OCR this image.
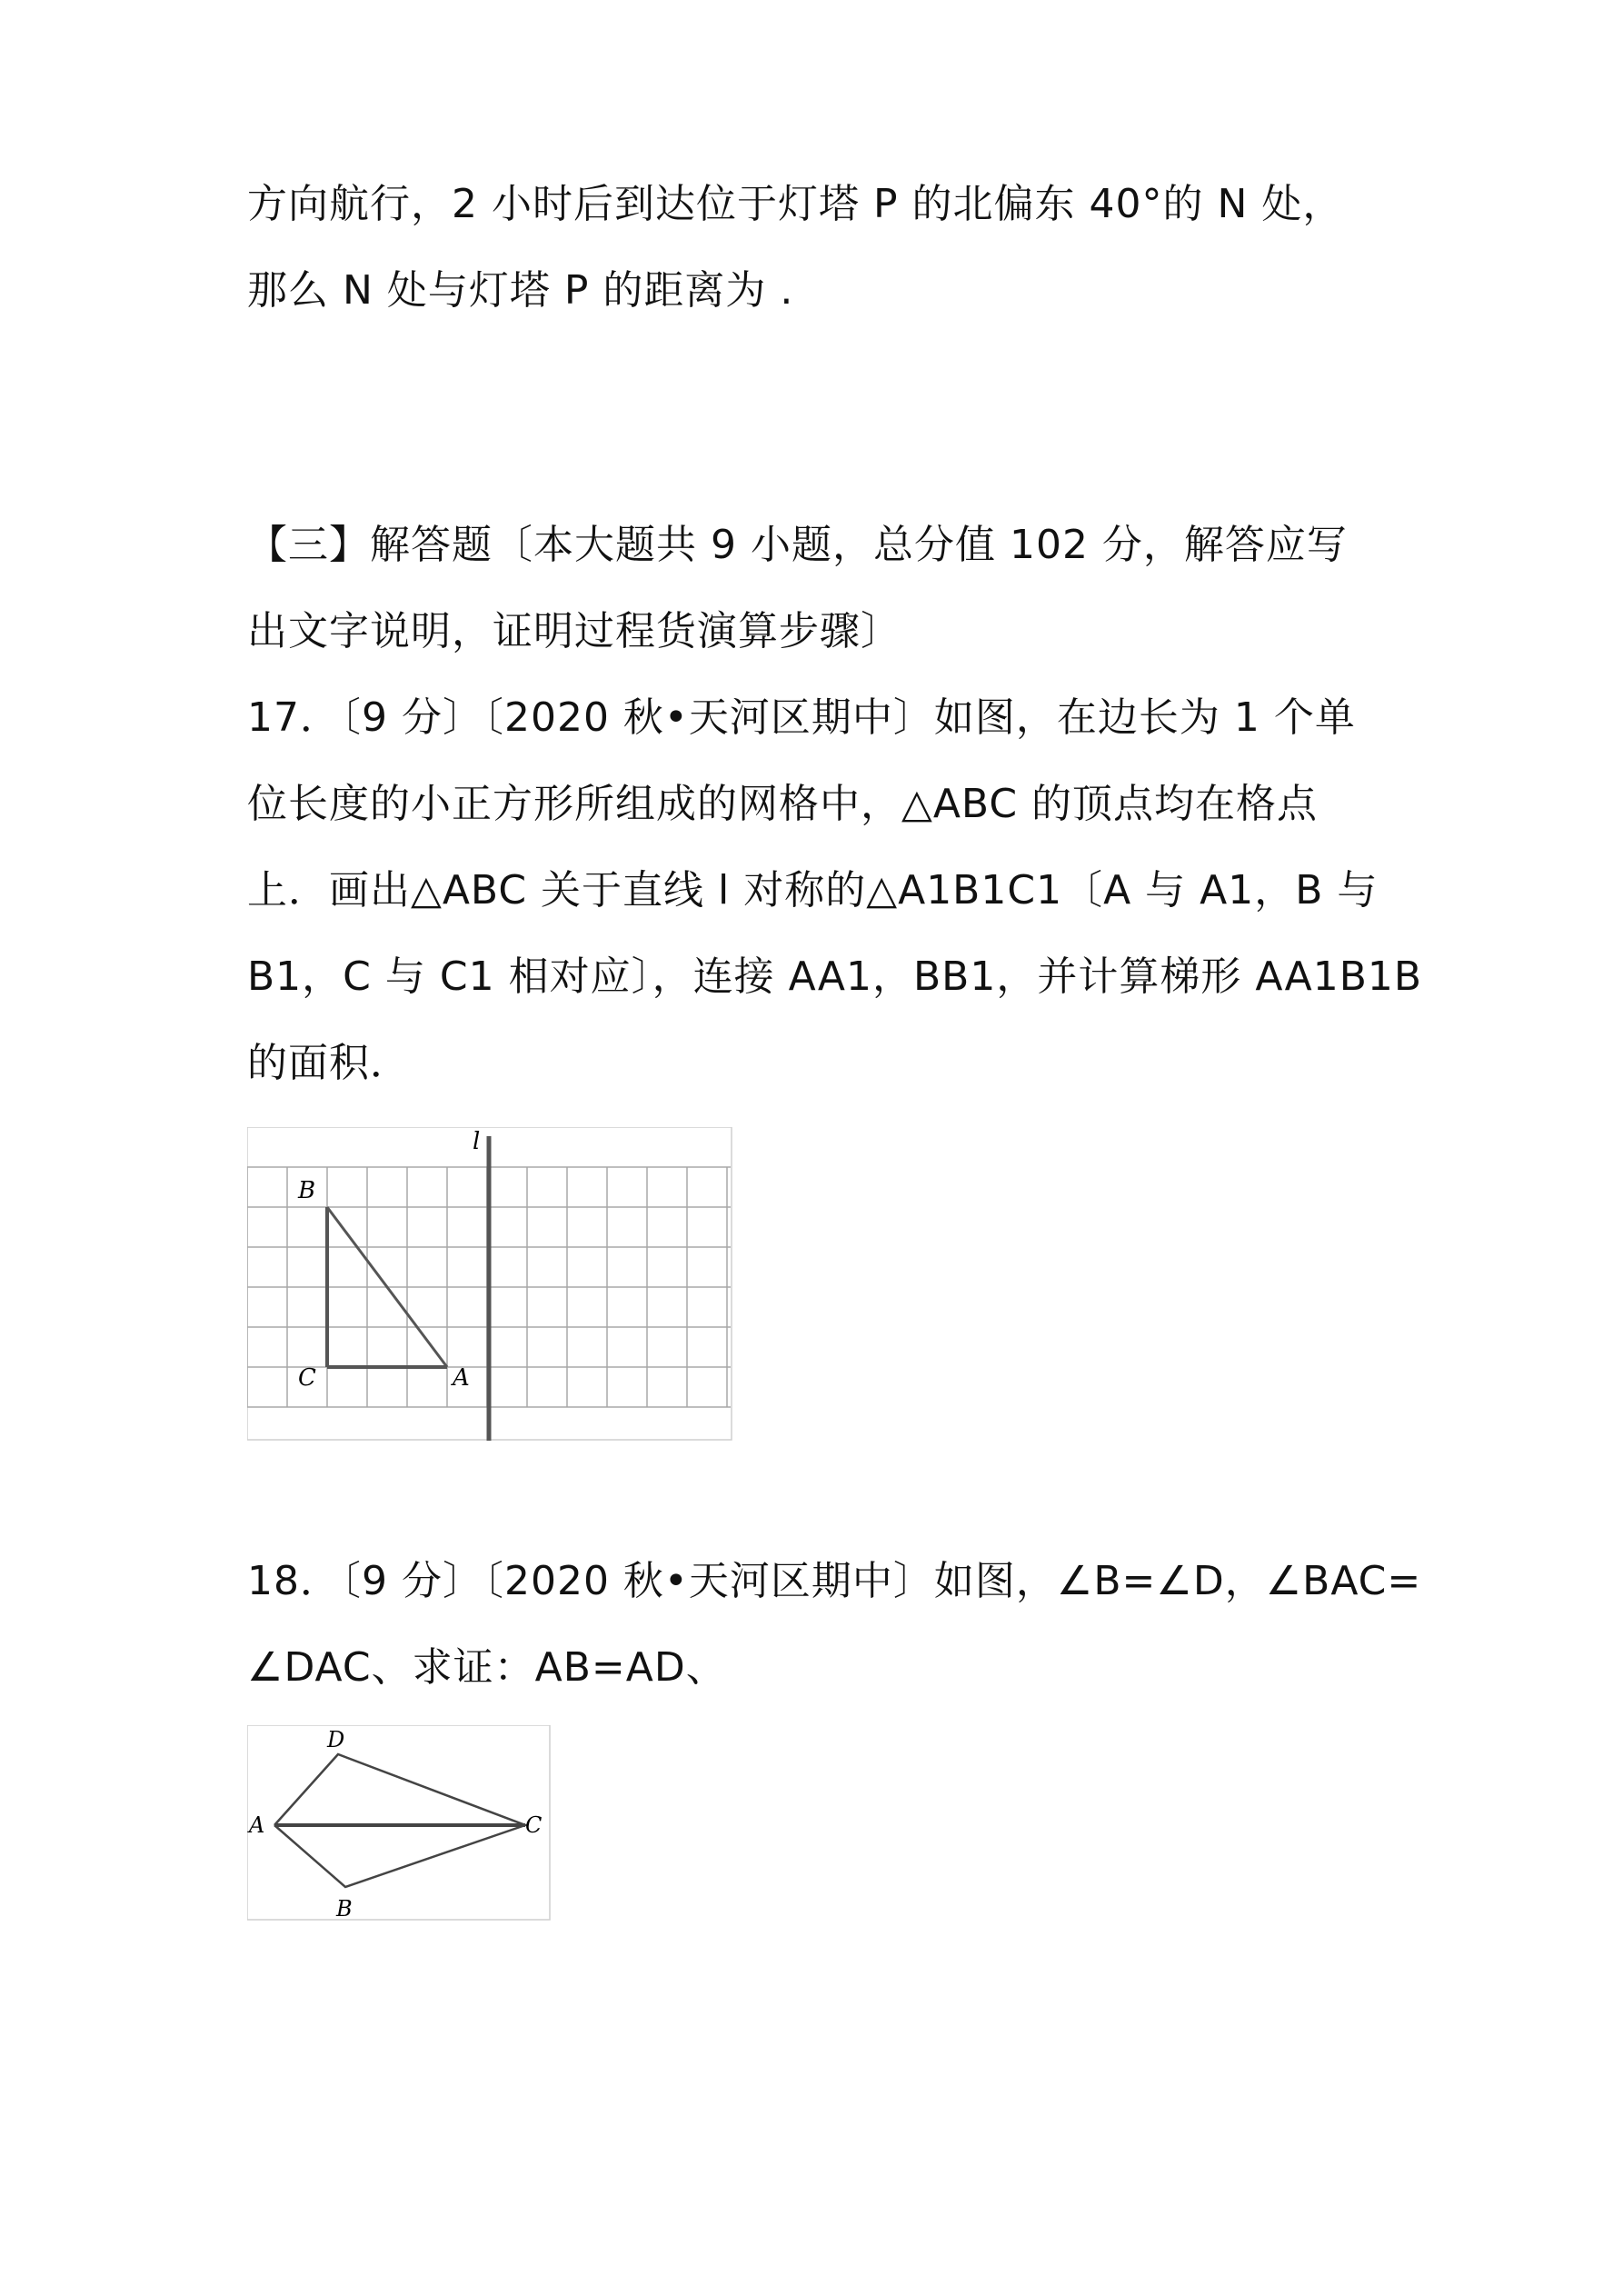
方向航行，2 小时后到达位于灯塔 P 的北偏东 40°的 N 处，
那么 N 处与灯塔 P 的距离为 .
【三】解答题〔本大题共 9 小题，总分值 102 分，解答应写
出文字说明，证明过程货演算步骤〕
17．〔9 分〕〔2020 秋•天河区期中〕如图，在边长为 1 个单
位长度的小正方形所组成的网格中，△ABC 的顶点均在格点
上．画出△ABC 关于直线 l 对称的△A1B1C1〔A 与 A1，B 与
B1，C 与 C1 相对应〕，连接 AA1，BB1，并计算梯形 AA1B1B
的面积．
l
B
C	A
18．〔9 分〕〔2020 秋•天河区期中〕如图，∠B=∠D，∠BAC=
∠DAC、求证：AB=AD、
D
A	C
B
